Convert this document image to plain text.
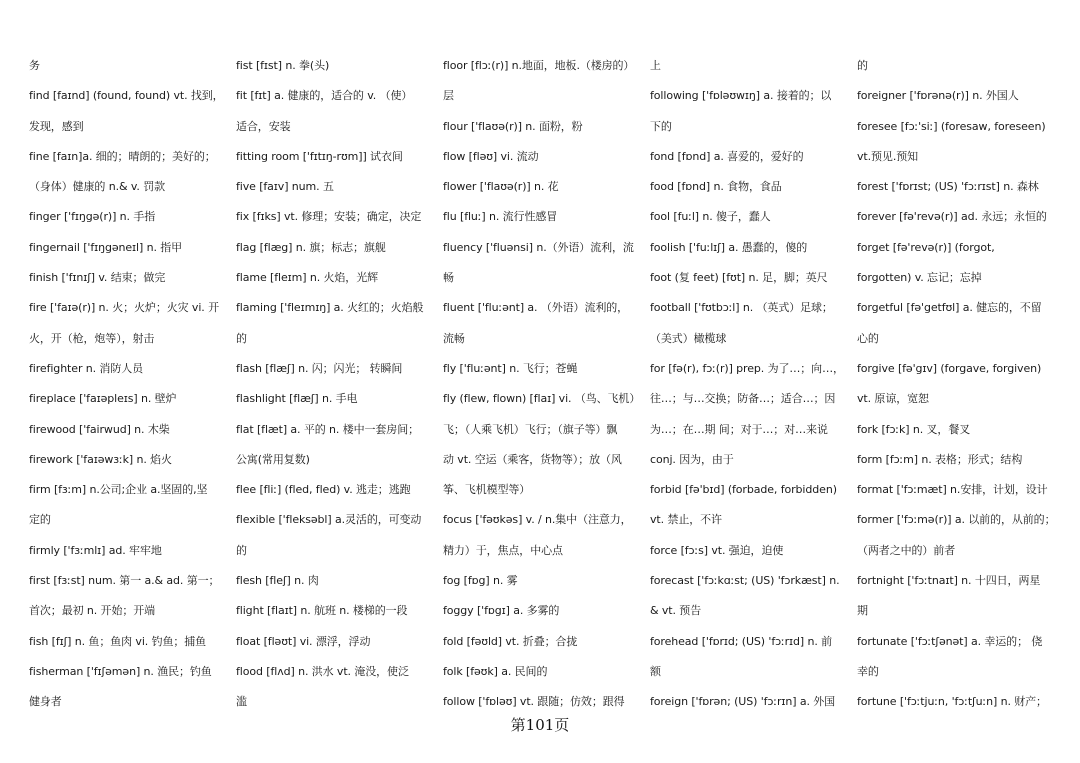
务
find [faɪnd] (found, found) vt. 找到，
发现，感到
fine [faɪn]a. 细的；晴朗的；美好的；
（身体）健康的 n.& v. 罚款
finger ['fɪŋgə(r)] n. 手指
fingernail ['fɪŋgəneɪl] n. 指甲
finish ['fɪnɪʃ] v. 结束；做完
fire ['faɪə(r)] n. 火；火炉；火灾 vi. 开
火，开（枪，炮等），射击
firefighter n. 消防人员
fireplace ['faɪəpleɪs] n. 壁炉
firewood ['fairwud] n. 木柴
firework ['faɪəwɜːk] n. 焰火
firm [fɜːm] n.公司;企业 a.坚固的,坚
定的
firmly ['fɜːmlɪ] ad. 牢牢地
first [fɜːst] num. 第一 a.& ad. 第一；
首次；最初 n. 开始；开端
fish [fɪʃ] n. 鱼；鱼肉 vi. 钓鱼；捕鱼
fisherman ['fɪʃəmən] n. 渔民；钓鱼
健身者
fist [fɪst] n. 拳(头)
fit [fɪt] a. 健康的，适合的 v. （使）
适合，安装
fitting room ['fɪtɪŋ-rʊm]] 试衣间
five [faɪv] num. 五
fix [fɪks] vt. 修理；安装；确定，决定
flag [flæg] n. 旗；标志；旗舰
flame [fleɪm] n. 火焰，光辉
flaming ['fleɪmɪŋ] a. 火红的；火焰般
的
flash [flæʃ] n. 闪；闪光； 转瞬间
flashlight [flæʃ] n. 手电
flat [flæt] a. 平的 n. 楼中一套房间；
公寓(常用复数)
flee [fliː] (fled, fled) v. 逃走；逃跑
flexible ['fleksəbl] a.灵活的，可变动
的
flesh [fleʃ] n. 肉
flight [flaɪt] n. 航班 n. 楼梯的一段
float [fləʊt] vi. 漂浮，浮动
flood [flʌd] n. 洪水 vt. 淹没，使泛
滥
floor [flɔː(r)] n.地面，地板.（楼房的）
层
flour ['flaʊə(r)] n. 面粉，粉
flow [fləʊ] vi. 流动
flower ['flaʊə(r)] n. 花
flu [fluː] n. 流行性感冒
fluency ['fluənsi] n.（外语）流利，流
畅
fluent ['fluːənt] a. （外语）流利的，
流畅
fly ['fluːənt] n. 飞行；苍蝇
fly (flew, flown) [flaɪ] vi. （鸟、飞机）
飞；（人乘飞机）飞行；（旗子等）飘
动 vt. 空运（乘客，货物等）；放（风
筝、飞机模型等）
focus ['fəʊkəs] v. / n.集中（注意力，
精力）于，焦点，中心点
fog [fɒg] n. 雾
foggy ['fɒgɪ] a. 多雾的
fold [fəʊld] vt. 折叠；合拢
folk [fəʊk] a. 民间的
follow ['fɒləʊ] vt. 跟随；仿效；跟得
上
following ['fɒləʊwɪŋ] a. 接着的；以
下的
fond [fɒnd] a. 喜爱的，爱好的
food [fɒnd] n. 食物，食品
fool [fuːl] n. 傻子，蠢人
foolish ['fuːlɪʃ] a. 愚蠢的，傻的
foot (复 feet) [fʊt] n. 足，脚；英尺
football ['fʊtbɔːl] n. （英式）足球；
（美式）橄榄球
for [fə(r), fɔː(r)] prep. 为了…；向…，
往…；与…交换；防备…；适合…；因
为…；在…期 间；对于…；对…来说
conj. 因为，由于
forbid [fə'bɪd] (forbade, forbidden)
vt. 禁止，不许
force [fɔːs] vt. 强迫，迫使
forecast ['fɔːkɑːst; (US) 'fɔrkæst] n.
& vt. 预告
forehead ['fɒrɪd; (US) 'fɔːrɪd] n. 前
额
foreign ['fɒrən; (US) 'fɔːrɪn] a. 外国
的
foreigner ['fɒrənə(r)] n. 外国人
foresee [fɔː'siː] (foresaw, foreseen)
vt.预见.预知
forest ['fɒrɪst; (US) 'fɔːrɪst] n. 森林
forever [fə'revə(r)] ad. 永远；永恒的
forget [fə'revə(r)] (forgot,
forgotten) v. 忘记；忘掉
forgetful [fə'getfʊl] a. 健忘的，不留
心的
forgive [fə'gɪv] (forgave, forgiven)
vt. 原谅，宽恕
fork [fɔːk] n. 叉，餐叉
form [fɔːm] n. 表格；形式；结构
format ['fɔːmæt] n.安排，计划，设计
former ['fɔːmə(r)] a. 以前的，从前的；
（两者之中的）前者
fortnight ['fɔːtnaɪt] n. 十四日，两星
期
fortunate ['fɔːtʃənət] a. 幸运的； 侥
幸的
fortune ['fɔːtjuːn, 'fɔːtʃuːn] n. 财产；
第101页
